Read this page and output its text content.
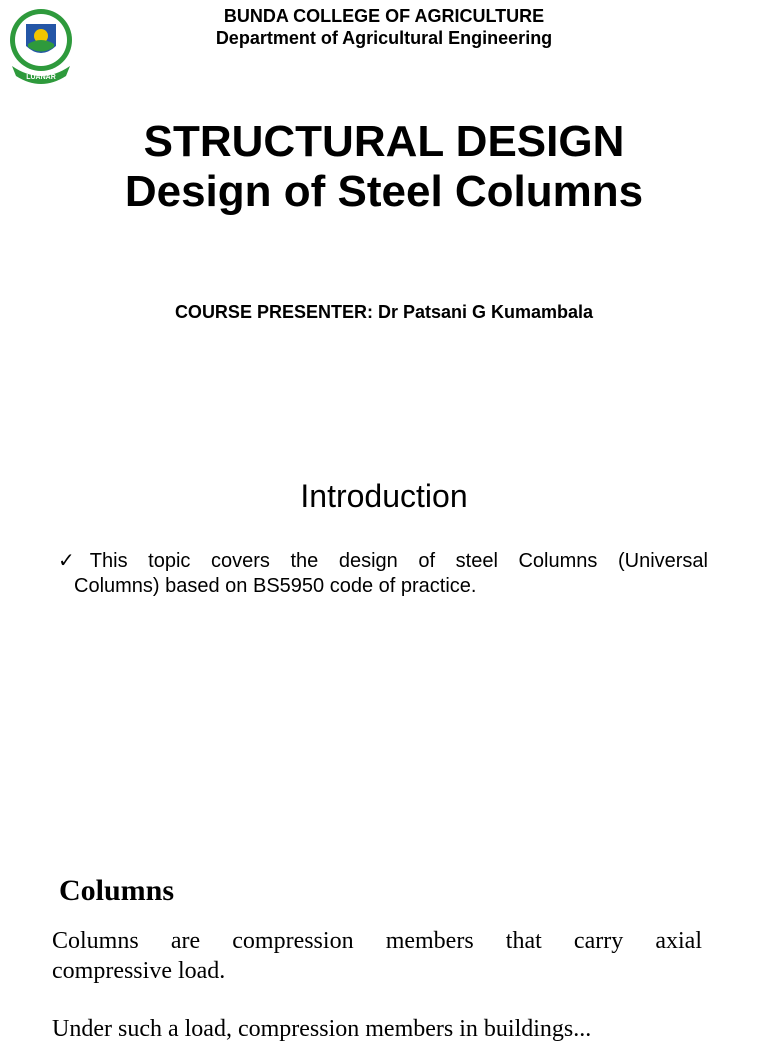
LUANAR
BUNDA COLLEGE OF AGRICULTURE
Department of Agricultural Engineering
STRUCTURAL DESIGN
Design of Steel Columns
COURSE PRESENTER: Dr Patsani G Kumambala
Introduction
✓This topic covers the design of steel Columns (Universal
Columns) based on BS5950 code of practice.
Columns
Columns are compression members that carry axial
compressive load.
Under such a load, compression members in buildings...
